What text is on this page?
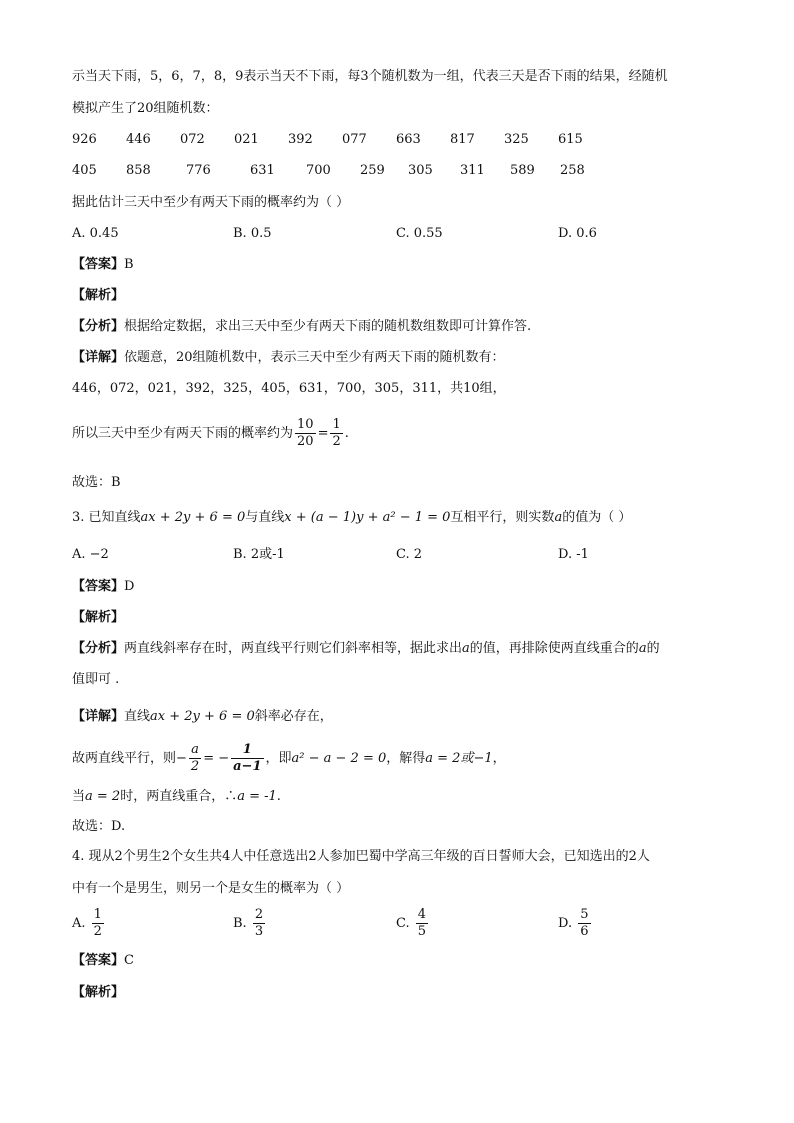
示当天下雨，5，6，7，8，9表示当天不下雨，每3个随机数为一组，代表三天是否下雨的结果，经随机
模拟产生了20组随机数：
926 446 072 021 392 077 663 817 325 615
405 858	776	631 700 259 305 311 589 258
据此估计三天中至少有两天下雨的概率约为（ ）
A. 0.45	B. 0.5	C. 0.55	D. 0.6
【答案】B
【解析】
【分析】根据给定数据，求出三天中至少有两天下雨的随机数组数即可计算作答.
【详解】依题意，20组随机数中，表示三天中至少有两天下雨的随机数有：
446，072，021，392，325，405，631，700，305，311，共10组，
所以三天中至少有两天下雨的概率约为 $\frac{10}{20} = \frac{1}{2}$ .
故选：B
3. 已知直线ax + 2y + 6 = 0与直线x + (a − 1)y + a² − 1 = 0互相平行，则实数a的值为（ ）
A. −2	B. 2或-1	C. 2	D. -1
【答案】D
【解析】
【分析】两直线斜率存在时，两直线平行则它们斜率相等，据此求出a的值，再排除使两直线重合的a的
值即可 .
【详解】直线ax + 2y + 6 = 0斜率必存在，
故两直线平行，则− $\frac{a}{2}$ = − $\frac{1}{a-1}$ ，即a² − a − 2 = 0，解得a = 2或−1，
当a = 2时，两直线重合，∴a = -1.
故选：D.
4. 现从2个男生2个女生共4人中任意选出2人参加巴蜀中学高三年级的百日誓师大会，已知选出的2人
中有一个是男生，则另一个是女生的概率为（ ）
A. $\frac{1}{2}$	B. $\frac{2}{3}$	C. $\frac{4}{5}$	D. $\frac{5}{6}$
【答案】C
【解析】
